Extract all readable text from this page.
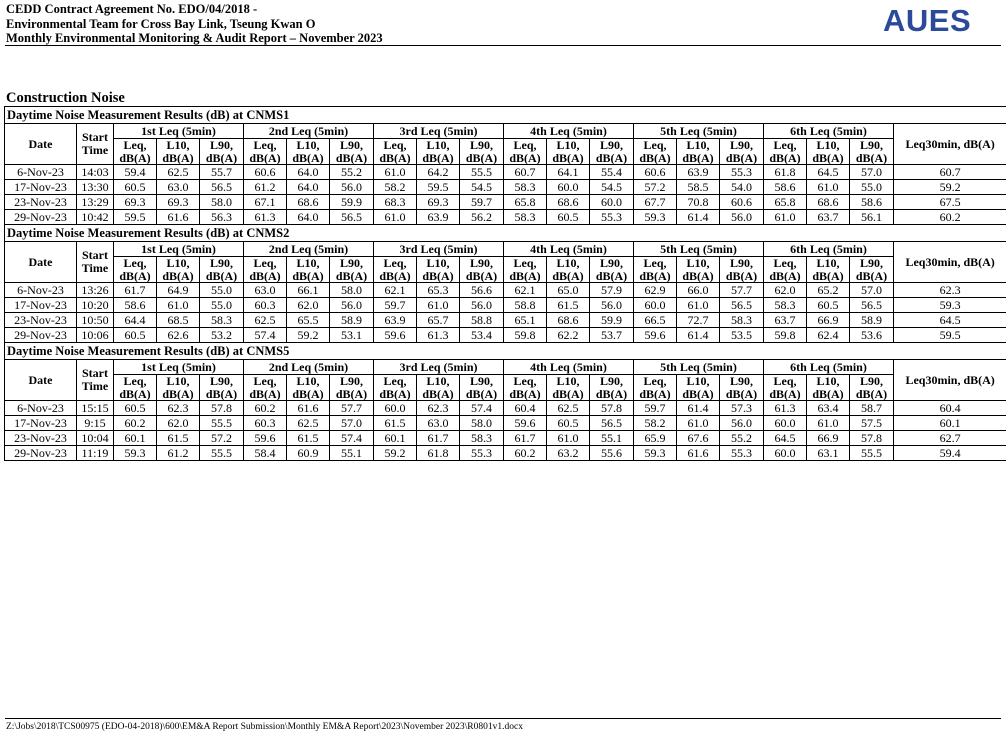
CEDD Contract Agreement No. EDO/04/2018 -
Environmental Team for Cross Bay Link, Tseung Kwan O
Monthly Environmental Monitoring & Audit Report – November 2023	AUES
Construction Noise
Daytime Noise Measurement Results (dB) at CNMS1																				
Date	Start Time	1st Leq (5min)			2nd Leq (5min)			3rd Leq (5min)			4th Leq (5min)			5th Leq (5min)			6th Leq (5min)			Leq30min, dB(A)
		Leq, dB(A)	L10, dB(A)	L90, dB(A)	Leq, dB(A)	L10, dB(A)	L90, dB(A)	Leq, dB(A)	L10, dB(A)	L90, dB(A)	Leq, dB(A)	L10, dB(A)	L90, dB(A)	Leq, dB(A)	L10, dB(A)	L90, dB(A)	Leq, dB(A)	L10, dB(A)	L90, dB(A)	
6-Nov-23	14:03	59.4	62.5	55.7	60.6	64.0	55.2	61.0	64.2	55.5	60.7	64.1	55.4	60.6	63.9	55.3	61.8	64.5	57.0	60.7
17-Nov-23	13:30	60.5	63.0	56.5	61.2	64.0	56.0	58.2	59.5	54.5	58.3	60.0	54.5	57.2	58.5	54.0	58.6	61.0	55.0	59.2
23-Nov-23	13:29	69.3	69.3	58.0	67.1	68.6	59.9	68.3	69.3	59.7	65.8	68.6	60.0	67.7	70.8	60.6	65.8	68.6	58.6	67.5
29-Nov-23	10:42	59.5	61.6	56.3	61.3	64.0	56.5	61.0	63.9	56.2	58.3	60.5	55.3	59.3	61.4	56.0	61.0	63.7	56.1	60.2
Daytime Noise Measurement Results (dB) at CNMS2																				
Date	Start Time	1st Leq (5min)			2nd Leq (5min)			3rd Leq (5min)			4th Leq (5min)			5th Leq (5min)			6th Leq (5min)			Leq30min, dB(A)
		Leq, dB(A)	L10, dB(A)	L90, dB(A)	Leq, dB(A)	L10, dB(A)	L90, dB(A)	Leq, dB(A)	L10, dB(A)	L90, dB(A)	Leq, dB(A)	L10, dB(A)	L90, dB(A)	Leq, dB(A)	L10, dB(A)	L90, dB(A)	Leq, dB(A)	L10, dB(A)	L90, dB(A)	
6-Nov-23	13:26	61.7	64.9	55.0	63.0	66.1	58.0	62.1	65.3	56.6	62.1	65.0	57.9	62.9	66.0	57.7	62.0	65.2	57.0	62.3
17-Nov-23	10:20	58.6	61.0	55.0	60.3	62.0	56.0	59.7	61.0	56.0	58.8	61.5	56.0	60.0	61.0	56.5	58.3	60.5	56.5	59.3
23-Nov-23	10:50	64.4	68.5	58.3	62.5	65.5	58.9	63.9	65.7	58.8	65.1	68.6	59.9	66.5	72.7	58.3	63.7	66.9	58.9	64.5
29-Nov-23	10:06	60.5	62.6	53.2	57.4	59.2	53.1	59.6	61.3	53.4	59.8	62.2	53.7	59.6	61.4	53.5	59.8	62.4	53.6	59.5
Daytime Noise Measurement Results (dB) at CNMS5																				
Date	Start Time	1st Leq (5min)			2nd Leq (5min)			3rd Leq (5min)			4th Leq (5min)			5th Leq (5min)			6th Leq (5min)			Leq30min, dB(A)
		Leq, dB(A)	L10, dB(A)	L90, dB(A)	Leq, dB(A)	L10, dB(A)	L90, dB(A)	Leq, dB(A)	L10, dB(A)	L90, dB(A)	Leq, dB(A)	L10, dB(A)	L90, dB(A)	Leq, dB(A)	L10, dB(A)	L90, dB(A)	Leq, dB(A)	L10, dB(A)	L90, dB(A)	
6-Nov-23	15:15	60.5	62.3	57.8	60.2	61.6	57.7	60.0	62.3	57.4	60.4	62.5	57.8	59.7	61.4	57.3	61.3	63.4	58.7	60.4
17-Nov-23	9:15	60.2	62.0	55.5	60.3	62.5	57.0	61.5	63.0	58.0	59.6	60.5	56.5	58.2	61.0	56.0	60.0	61.0	57.5	60.1
23-Nov-23	10:04	60.1	61.5	57.2	59.6	61.5	57.4	60.1	61.7	58.3	61.7	61.0	55.1	65.9	67.6	55.2	64.5	66.9	57.8	62.7
29-Nov-23	11:19	59.3	61.2	55.5	58.4	60.9	55.1	59.2	61.8	55.3	60.2	63.2	55.6	59.3	61.6	55.3	60.0	63.1	55.5	59.4
Z:\Jobs\2018\TCS00975 (EDO-04-2018)\600\EM&A Report Submission\Monthly EM&A Report\2023\November 2023\R0801v1.docx
